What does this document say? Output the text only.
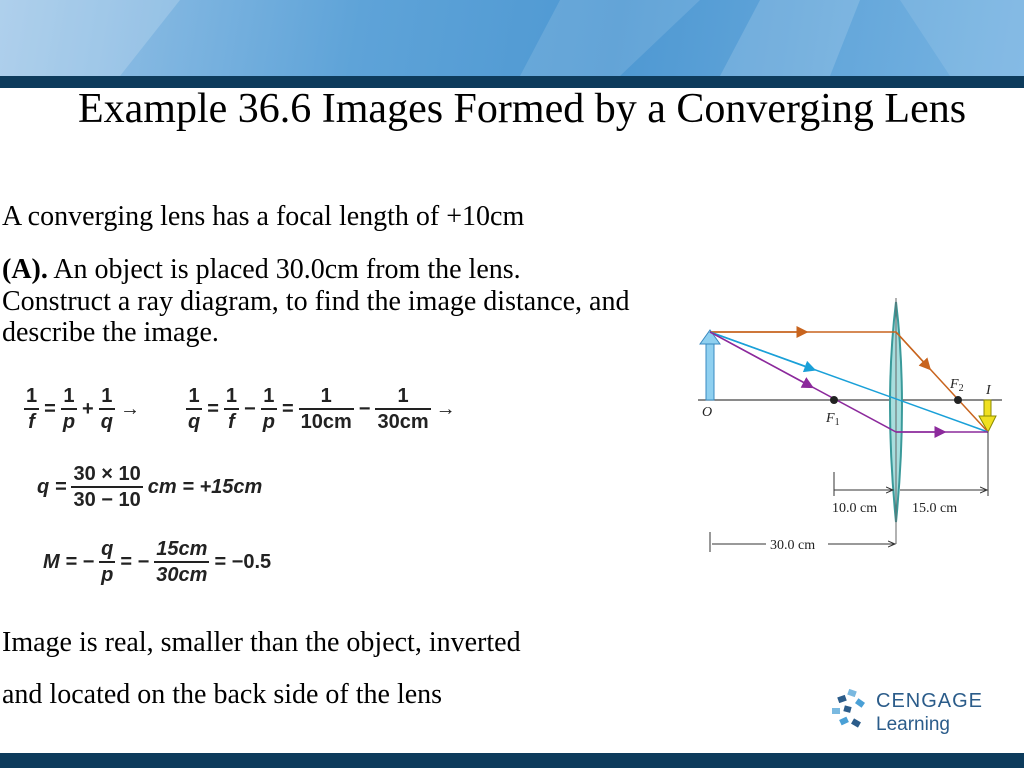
Example 36.6 Images Formed by a Converging Lens
A converging lens has a focal length of +10cm
(A). An object is placed 30.0cm from the lens.
Construct a ray diagram, to find the image distance, and
describe the image.
$\frac{1}{f} = \frac{1}{p} + \frac{1}{q} \to \frac{1}{q} = \frac{1}{f} - \frac{1}{p} = \frac{1}{10cm} - \frac{1}{30cm}$ →
$q = \frac{30 \times 10}{30 - 10}$ cm = +15cm
M = − $\frac{q}{p}$ = − $\frac{15cm}{30cm} = -0.5$
Image is real, smaller than the object, inverted
and located on the back side of the lens
O	$F_1$
$F_2$ I
10.0 cm 15.0 cm
30.0 cm
CENGAGE
Learning
